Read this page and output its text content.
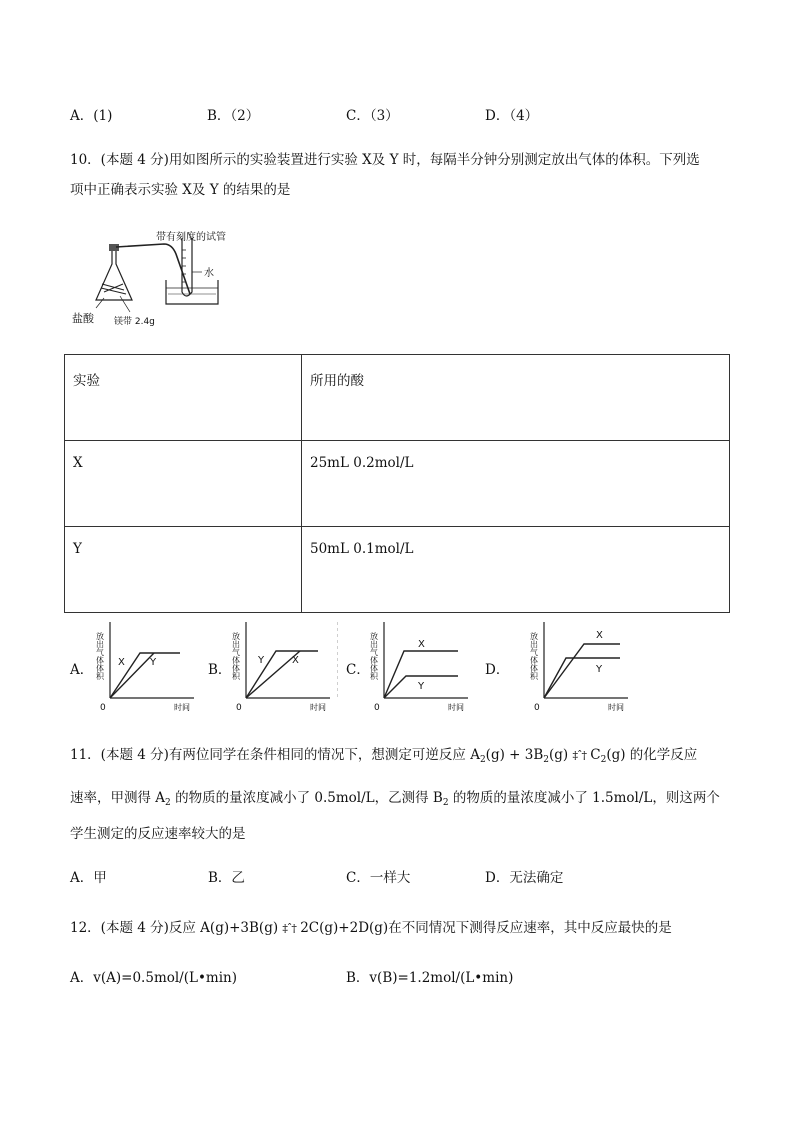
A．(1)	B．（2）	C．（3）	D．（4）
10．(本题 4 分)用如图所示的实验装置进行实验 X及 Y 时，每隔半分钟分别测定放出气体的体积。下列选
项中正确表示实验 X及 Y 的结果的是
带有刻度的试管
水
盐酸 镁带 2.4g
实验	所用的酸
X	25mL 0.2mol/L
Y	50mL 0.1mol/L
A．	B．	C．	D．
放出气体体积 X	Y
0	时间
放出气体体积 Y	X
0	时间
放出气体体积	X
Y
0	时间
放出气体体积	X
Y
0	时间
11．(本题 4 分)有两位同学在条件相同的情况下，想测定可逆反应 $A_2(g) + 3B_2(g)$ ‡ˆ† $C_2(g)$ 的化学反应
速率，甲测得 $A_2$ 的物质的量浓度减小了 0.5mol/L，乙测得 $B_2$ 的物质的量浓度减小了 1.5mol/L，则这两个
学生测定的反应速率较大的是
A．甲	B．乙	C．一样大	D．无法确定
12．(本题 4 分)反应 A(g)+3B(g) ‡ˆ† 2C(g)+2D(g)在不同情况下测得反应速率，其中反应最快的是
A．v(A)=0.5mol/(L•min)	B．v(B)=1.2mol/(L•min)
